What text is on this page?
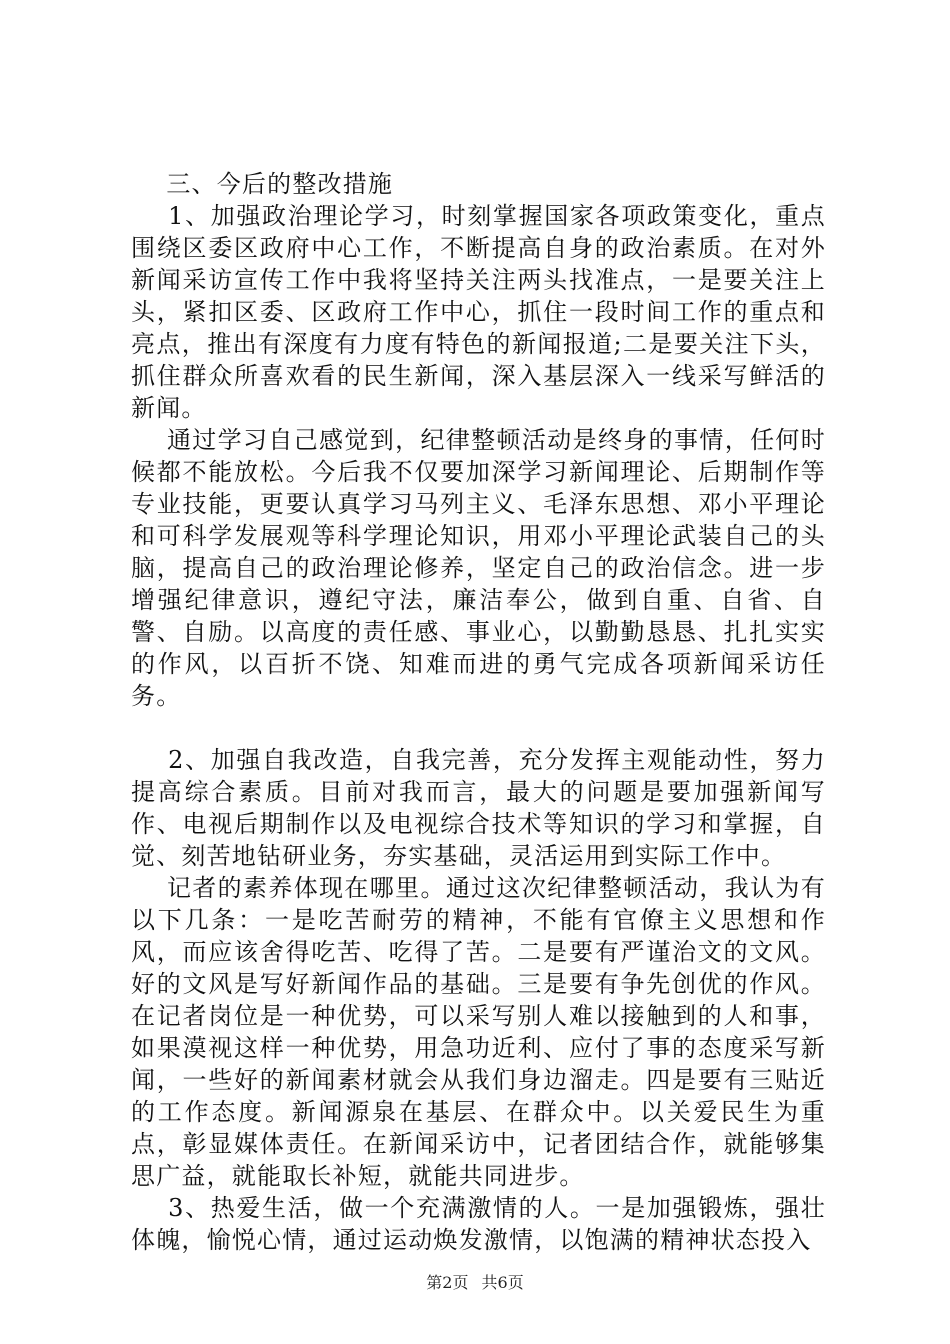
三、今后的整改措施

1、加强政治理论学习，时刻掌握国家各项政策变化，重点围绕区委区政府中心工作，不断提高自身的政治素质。在对外新闻采访宣传工作中我将坚持关注两头找准点，一是要关注上头，紧扣区委、区政府工作中心，抓住一段时间工作的重点和亮点，推出有深度有力度有特色的新闻报道;二是要关注下头，抓住群众所喜欢看的民生新闻，深入基层深入一线采写鲜活的新闻。

通过学习自己感觉到，纪律整顿活动是终身的事情，任何时候都不能放松。今后我不仅要加深学习新闻理论、后期制作等专业技能，更要认真学习马列主义、毛泽东思想、邓小平理论和可科学发展观等科学理论知识，用邓小平理论武装自己的头脑，提高自己的政治理论修养，坚定自己的政治信念。进一步增强纪律意识，遵纪守法，廉洁奉公，做到自重、自省、自警、自励。以高度的责任感、事业心，以勤勤恳恳、扎扎实实的作风，以百折不饶、知难而进的勇气完成各项新闻采访任务。

2、加强自我改造，自我完善，充分发挥主观能动性，努力提高综合素质。目前对我而言，最大的问题是要加强新闻写作、电视后期制作以及电视综合技术等知识的学习和掌握，自觉、刻苦地钻研业务，夯实基础，灵活运用到实际工作中。

记者的素养体现在哪里。通过这次纪律整顿活动，我认为有以下几条：一是吃苦耐劳的精神，不能有官僚主义思想和作风，而应该舍得吃苦、吃得了苦。二是要有严谨治文的文风。好的文风是写好新闻作品的基础。三是要有争先创优的作风。在记者岗位是一种优势，可以采写别人难以接触到的人和事，如果漠视这样一种优势，用急功近利、应付了事的态度采写新闻，一些好的新闻素材就会从我们身边溜走。四是要有三贴近的工作态度。新闻源泉在基层、在群众中。以关爱民生为重点，彰显媒体责任。在新闻采访中，记者团结合作，就能够集思广益，就能取长补短，就能共同进步。

3、热爱生活，做一个充满激情的人。一是加强锻炼，强壮体魄，愉悦心情，通过运动焕发激情，以饱满的精神状态投入

第2页 共6页
